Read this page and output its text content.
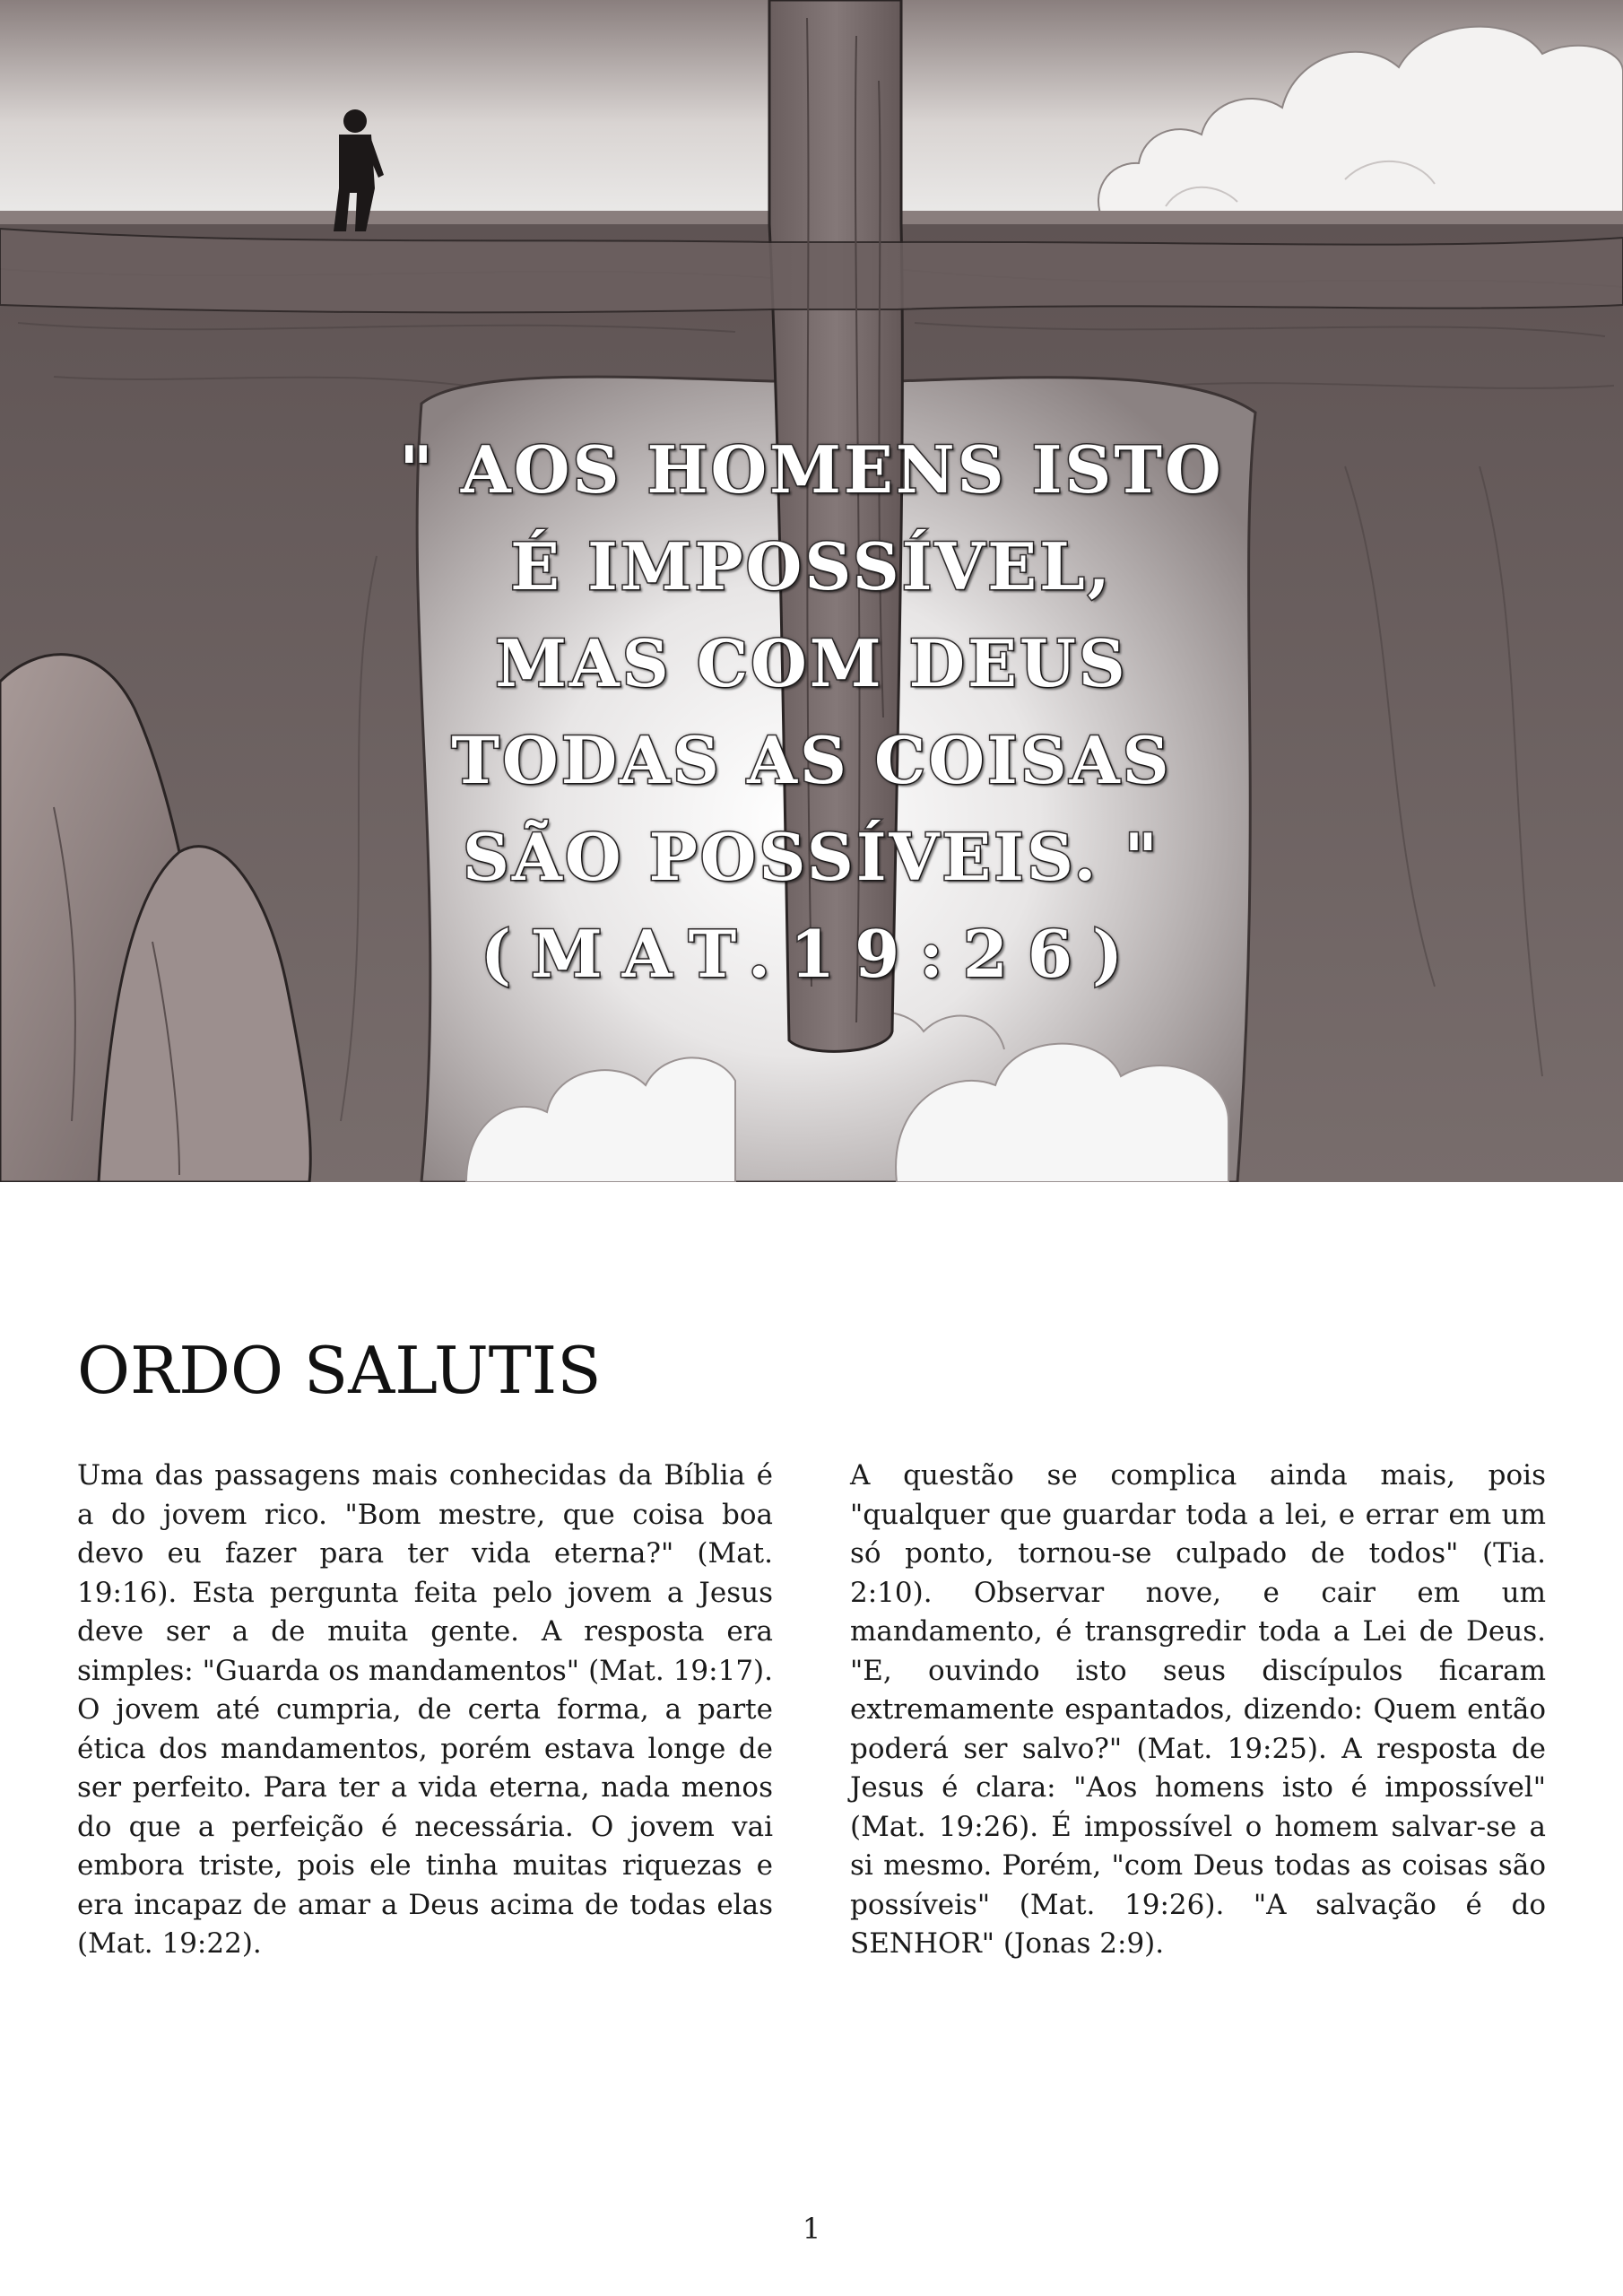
" AOS HOMENS ISTO
É IMPOSSÍVEL,
MAS COM DEUS
TODAS AS COISAS
SÃO POSSÍVEIS. "
(MAT.19:26)
ORDO SALUTIS

Uma das passagens mais conhecidas da Bíblia é a do jovem rico. "Bom mestre, que coisa boa devo eu fazer para ter vida eterna?" (Mat. 19:16). Esta pergunta feita pelo jovem a Jesus deve ser a de muita gente. A resposta era simples: "Guarda os mandamentos" (Mat. 19:17). O jovem até cumpria, de certa forma, a parte ética dos mandamentos, porém estava longe de ser perfeito. Para ter a vida eterna, nada menos do que a perfeição é necessária. O jovem vai embora triste, pois ele tinha muitas riquezas e era incapaz de amar a Deus acima de todas elas (Mat. 19:22).

A questão se complica ainda mais, pois "qualquer que guardar toda a lei, e errar em um só ponto, tornou-se culpado de todos" (Tia. 2:10). Observar nove, e cair em um mandamento, é transgredir toda a Lei de Deus. "E, ouvindo isto seus discípulos ficaram extremamente espantados, dizendo: Quem então poderá ser salvo?" (Mat. 19:25). A resposta de Jesus é clara: "Aos homens isto é impossível" (Mat. 19:26). É impossível o homem salvar-se a si mesmo. Porém, "com Deus todas as coisas são possíveis" (Mat. 19:26). "A salvação é do SENHOR" (Jonas 2:9).

1
